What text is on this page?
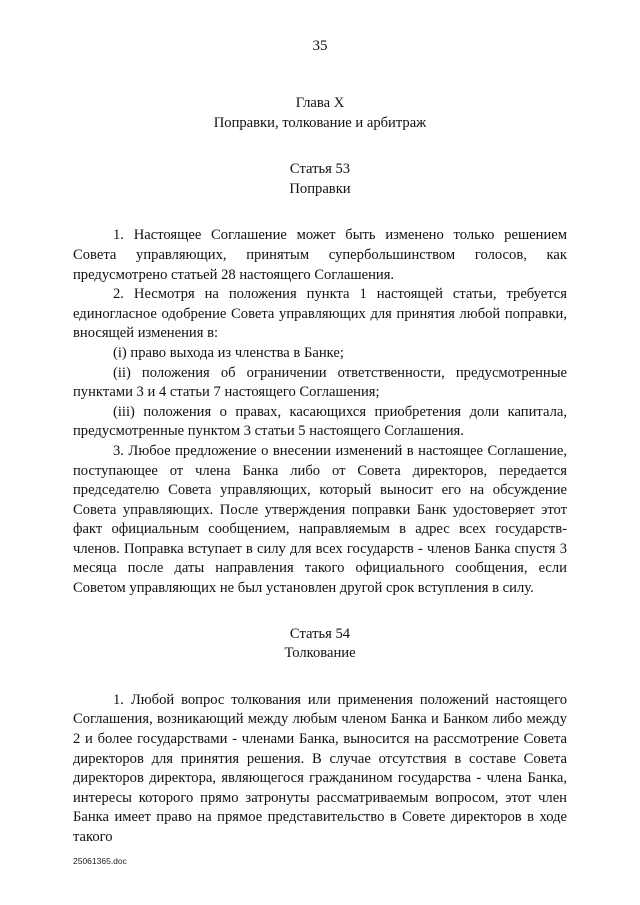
35
Глава X
Поправки, толкование и арбитраж
Статья 53
Поправки

1. Настоящее Соглашение может быть изменено только решением Совета управляющих, принятым супербольшинством голосов, как предусмотрено статьей 28 настоящего Соглашения.

2. Несмотря на положения пункта 1 настоящей статьи, требуется единогласное одобрение Совета управляющих для принятия любой поправки, вносящей изменения в:

(i) право выхода из членства в Банке;

(ii) положения об ограничении ответственности, предусмотренные пунктами 3 и 4 статьи 7 настоящего Соглашения;

(iii) положения о правах, касающихся приобретения доли капитала, предусмотренные пунктом 3 статьи 5 настоящего Соглашения.

3. Любое предложение о внесении изменений в настоящее Соглашение, поступающее от члена Банка либо от Совета директоров, передается председателю Совета управляющих, который выносит его на обсуждение Совета управляющих. После утверждения поправки Банк удостоверяет этот факт официальным сообщением, направляемым в адрес всех государств-членов. Поправка вступает в силу для всех государств - членов Банка спустя 3 месяца после даты направления такого официального сообщения, если Советом управляющих не был установлен другой срок вступления в силу.

Статья 54
Толкование

1. Любой вопрос толкования или применения положений настоящего Соглашения, возникающий между любым членом Банка и Банком либо между 2 и более государствами - членами Банка, выносится на рассмотрение Совета директоров для принятия решения. В случае отсутствия в составе Совета директоров директора, являющегося гражданином государства - члена Банка, интересы которого прямо затронуты рассматриваемым вопросом, этот член Банка имеет право на прямое представительство в Совете директоров в ходе такого

25061365.doc
